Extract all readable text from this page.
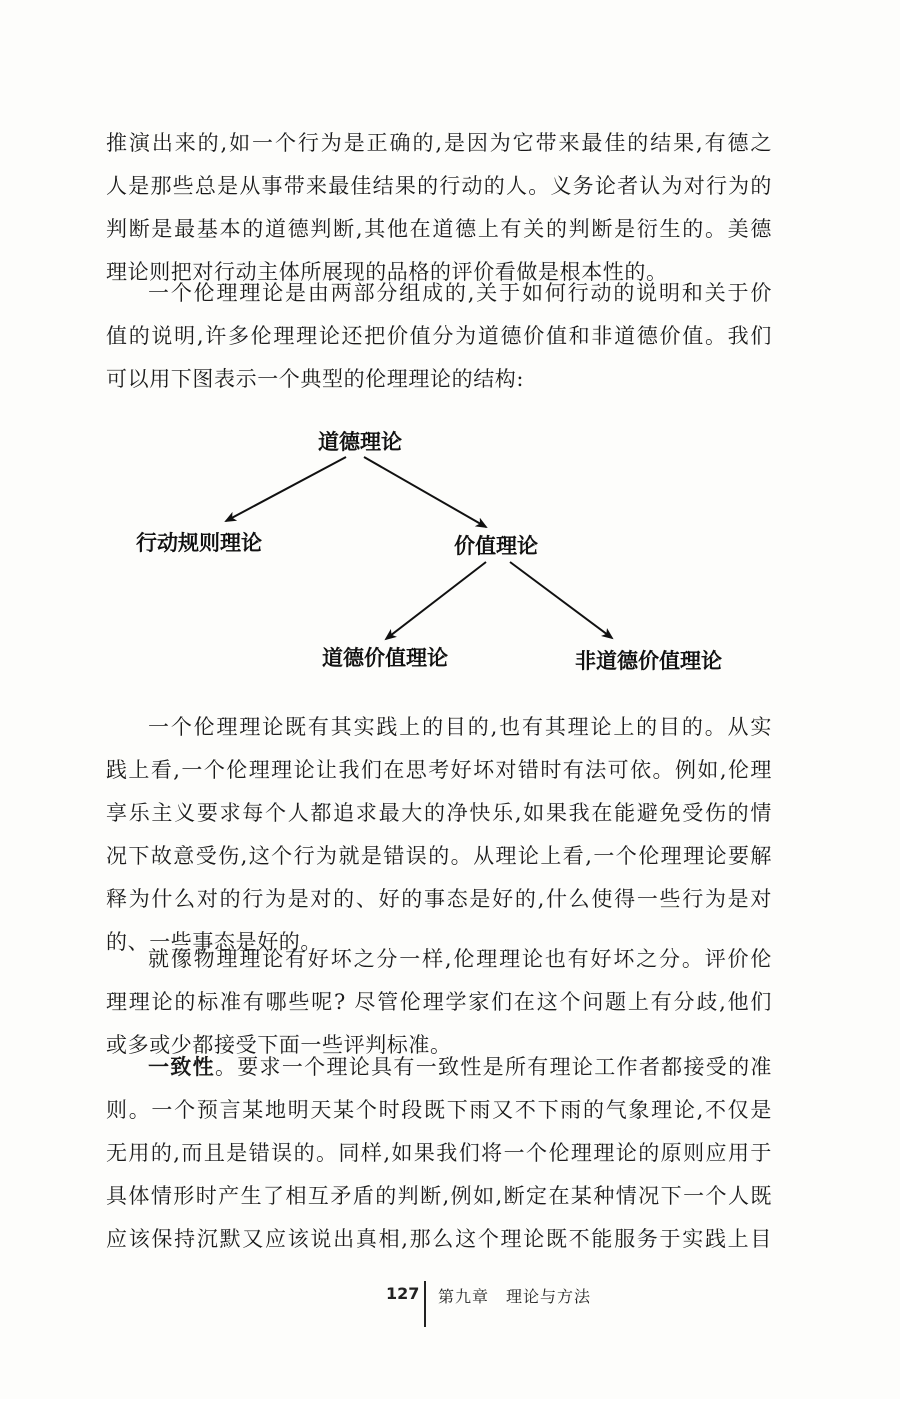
推演出来的,如一个行为是正确的,是因为它带来最佳的结果,有德之
人是那些总是从事带来最佳结果的行动的人。义务论者认为对行为的
判断是最基本的道德判断,其他在道德上有关的判断是衍生的。美德
理论则把对行动主体所展现的品格的评价看做是根本性的。
一个伦理理论是由两部分组成的,关于如何行动的说明和关于价
值的说明,许多伦理理论还把价值分为道德价值和非道德价值。我们
可以用下图表示一个典型的伦理理论的结构:
道德理论
行动规则理论	价值理论
道德价值理论	非道德价值理论
一个伦理理论既有其实践上的目的,也有其理论上的目的。从实
践上看,一个伦理理论让我们在思考好坏对错时有法可依。例如,伦理
享乐主义要求每个人都追求最大的净快乐,如果我在能避免受伤的情
况下故意受伤,这个行为就是错误的。从理论上看,一个伦理理论要解
释为什么对的行为是对的、好的事态是好的,什么使得一些行为是对
的、一些事态是好的。
就像物理理论有好坏之分一样,伦理理论也有好坏之分。评价伦
理理论的标准有哪些呢? 尽管伦理学家们在这个问题上有分歧,他们
或多或少都接受下面一些评判标准。
一致性。要求一个理论具有一致性是所有理论工作者都接受的准
则。一个预言某地明天某个时段既下雨又不下雨的气象理论,不仅是
无用的,而且是错误的。同样,如果我们将一个伦理理论的原则应用于
具体情形时产生了相互矛盾的判断,例如,断定在某种情况下一个人既
应该保持沉默又应该说出真相,那么这个理论既不能服务于实践上目
127 第九章　理论与方法
